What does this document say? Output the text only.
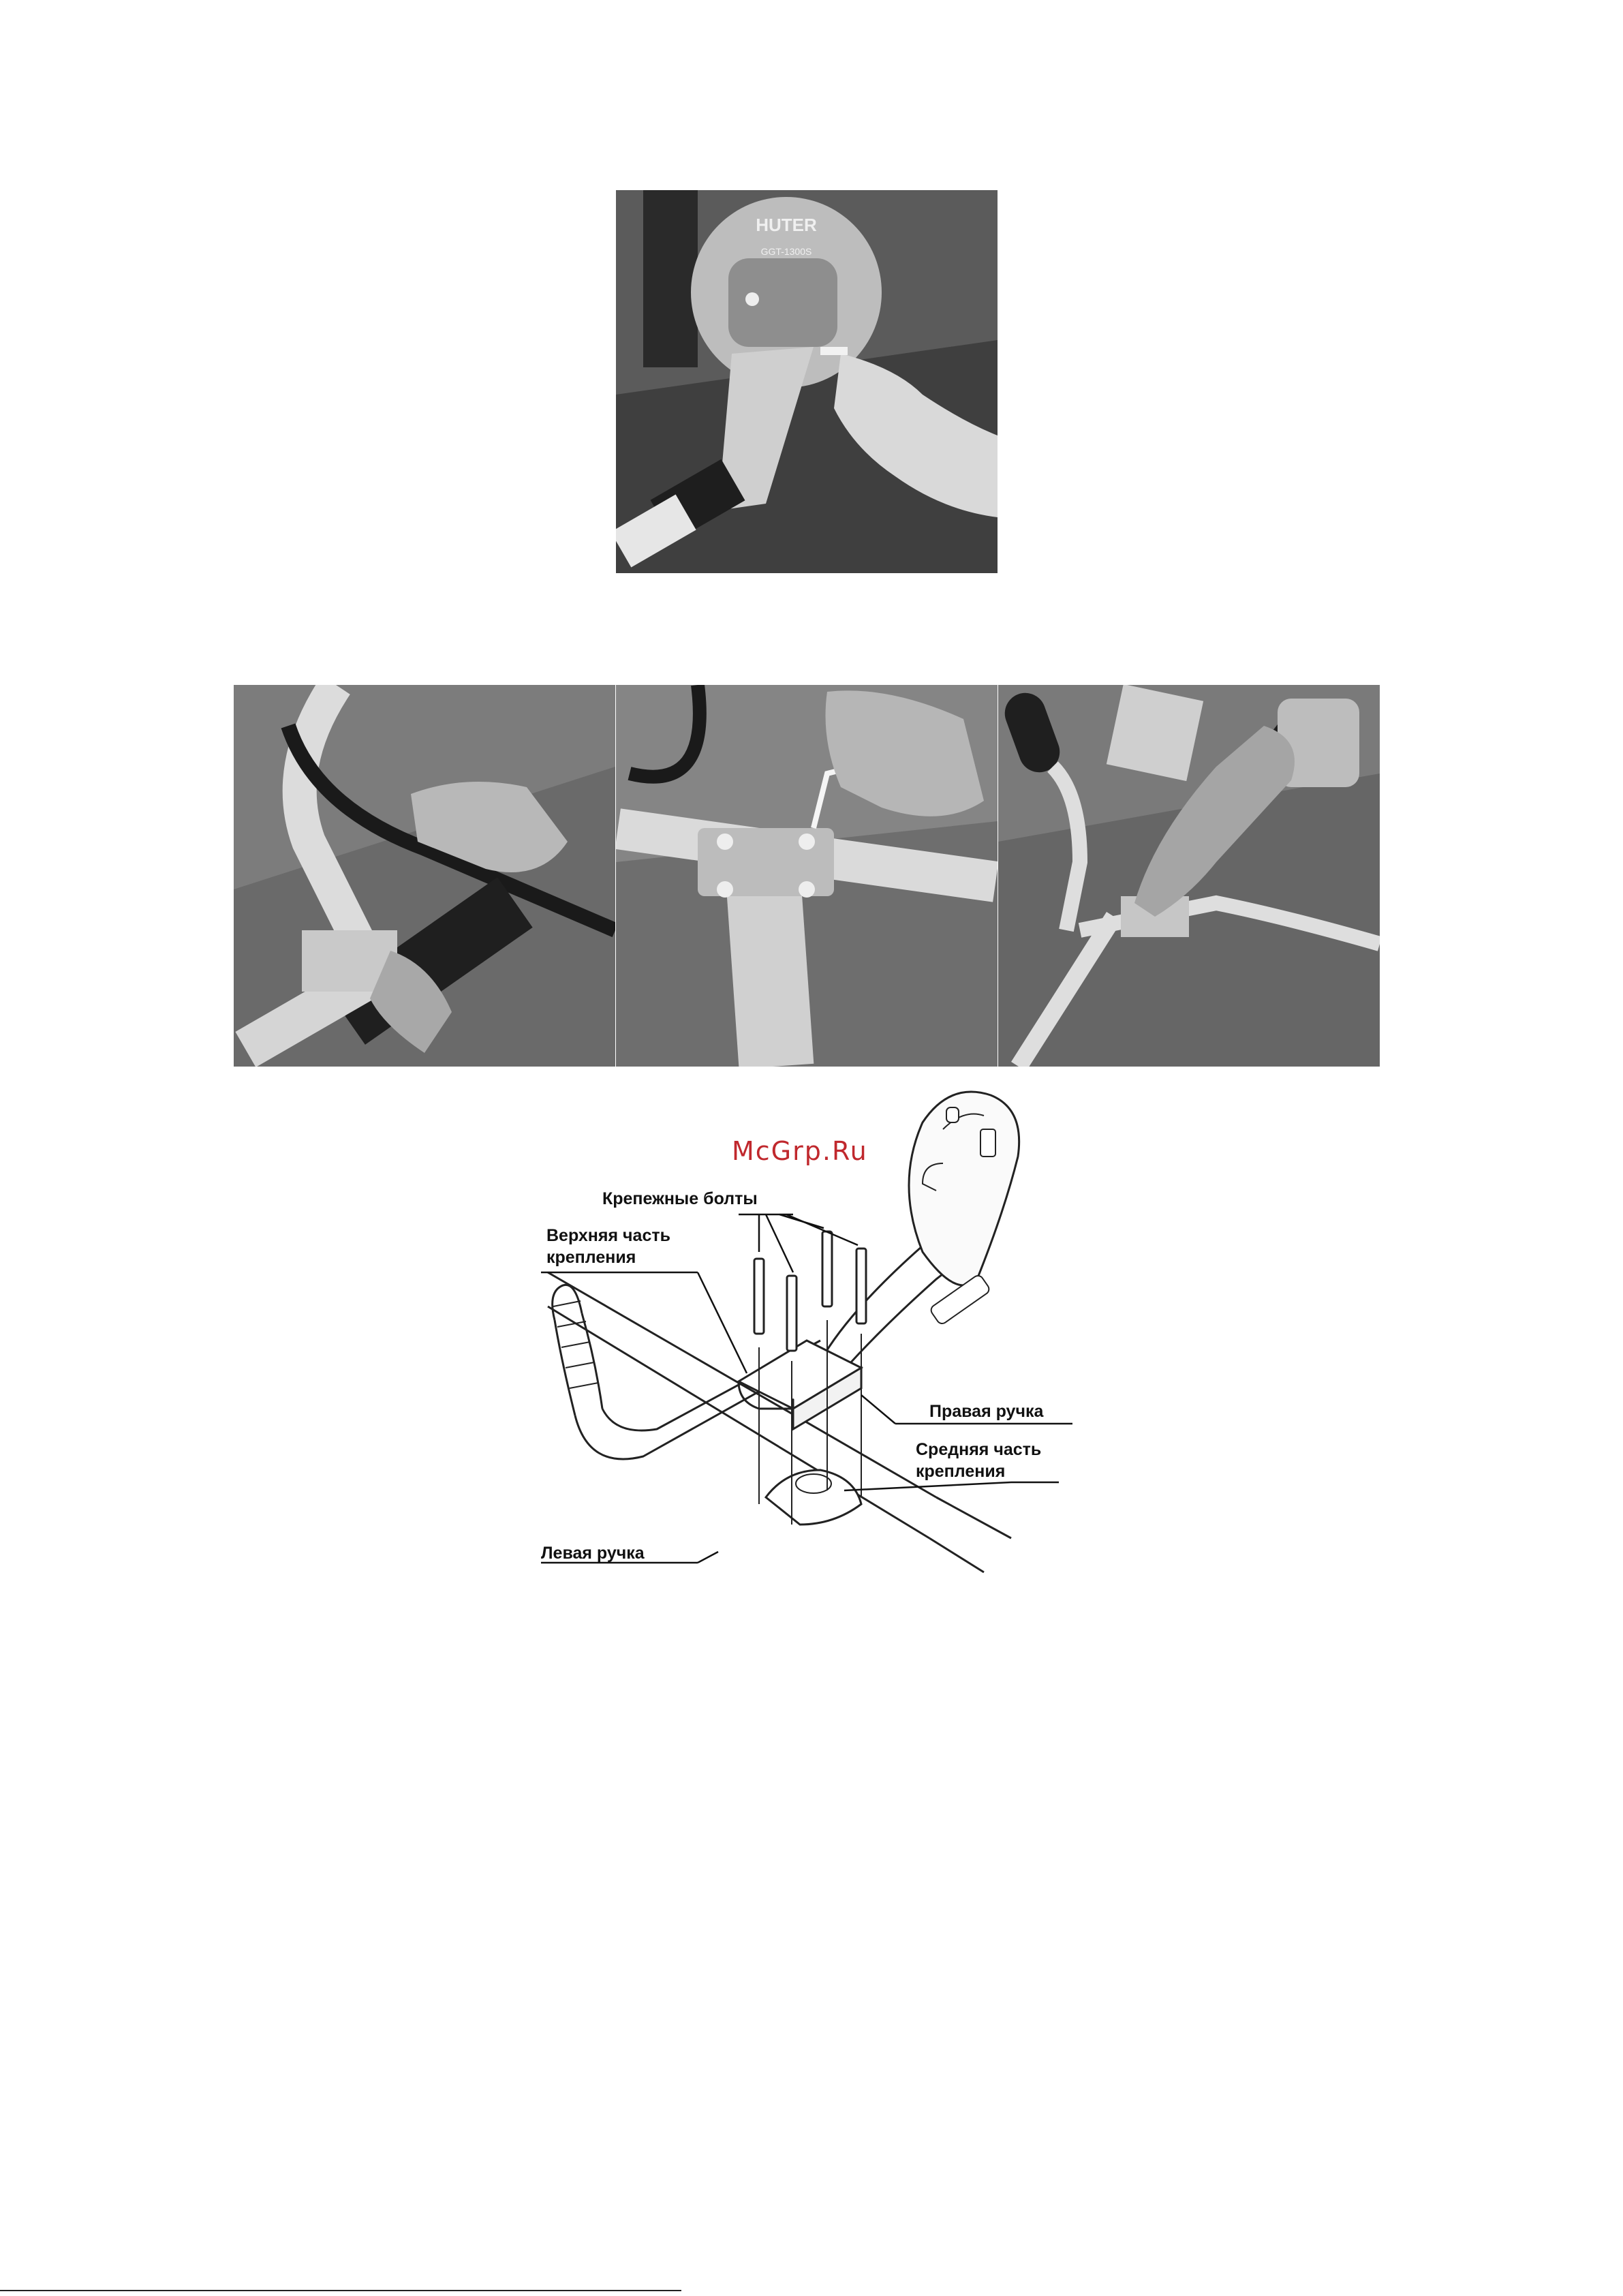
HUTER
GGT-1300S
McGrp.Ru
Крепежные болты
Верхняя часть
крепления
Правая ручка
Средняя часть
крепления
Левая ручка
